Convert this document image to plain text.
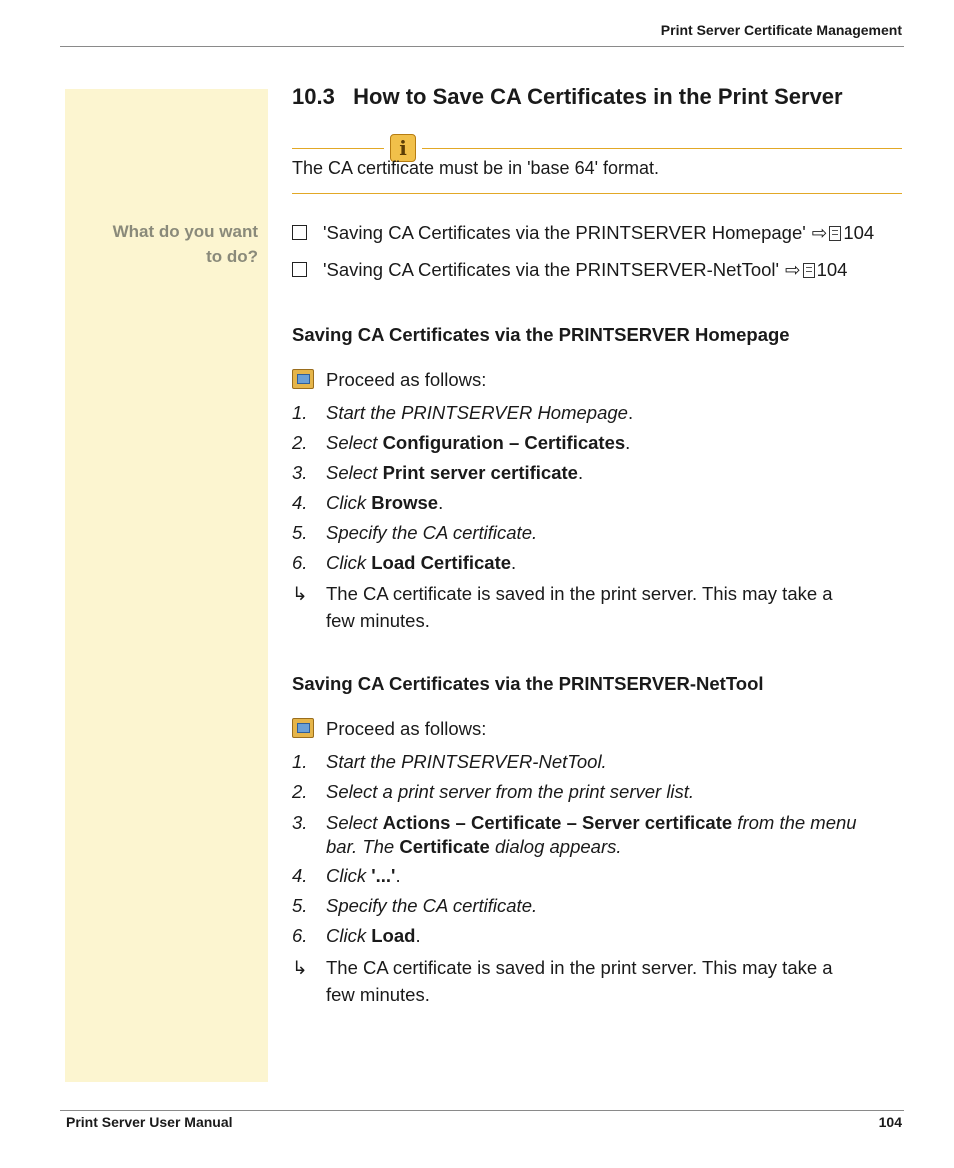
Print Server Certificate Management
What do you want
to do?
10.3 How to Save CA Certificates in the Print Server
i
The CA certificate must be in 'base 64' format.
'Saving CA Certificates via the PRINTSERVER Homepage' ⇨ 104
'Saving CA Certificates via the PRINTSERVER-NetTool' ⇨ 104
Saving CA Certificates via the PRINTSERVER Homepage
Proceed as follows:
1. Start the PRINTSERVER Homepage.
2. Select Configuration – Certificates.
3. Select Print server certificate.
4. Click Browse.
5. Specify the CA certificate.
6. Click Load Certificate.
↳ The CA certificate is saved in the print server. This may take a
few minutes.
Saving CA Certificates via the PRINTSERVER-NetTool
Proceed as follows:
1. Start the PRINTSERVER-NetTool.
2. Select a print server from the print server list.
3. Select Actions – Certificate – Server certificate from the menu
bar. The Certificate dialog appears.
4. Click '...'.
5. Specify the CA certificate.
6. Click Load.
↳ The CA certificate is saved in the print server. This may take a
few minutes.
Print Server User Manual	104
